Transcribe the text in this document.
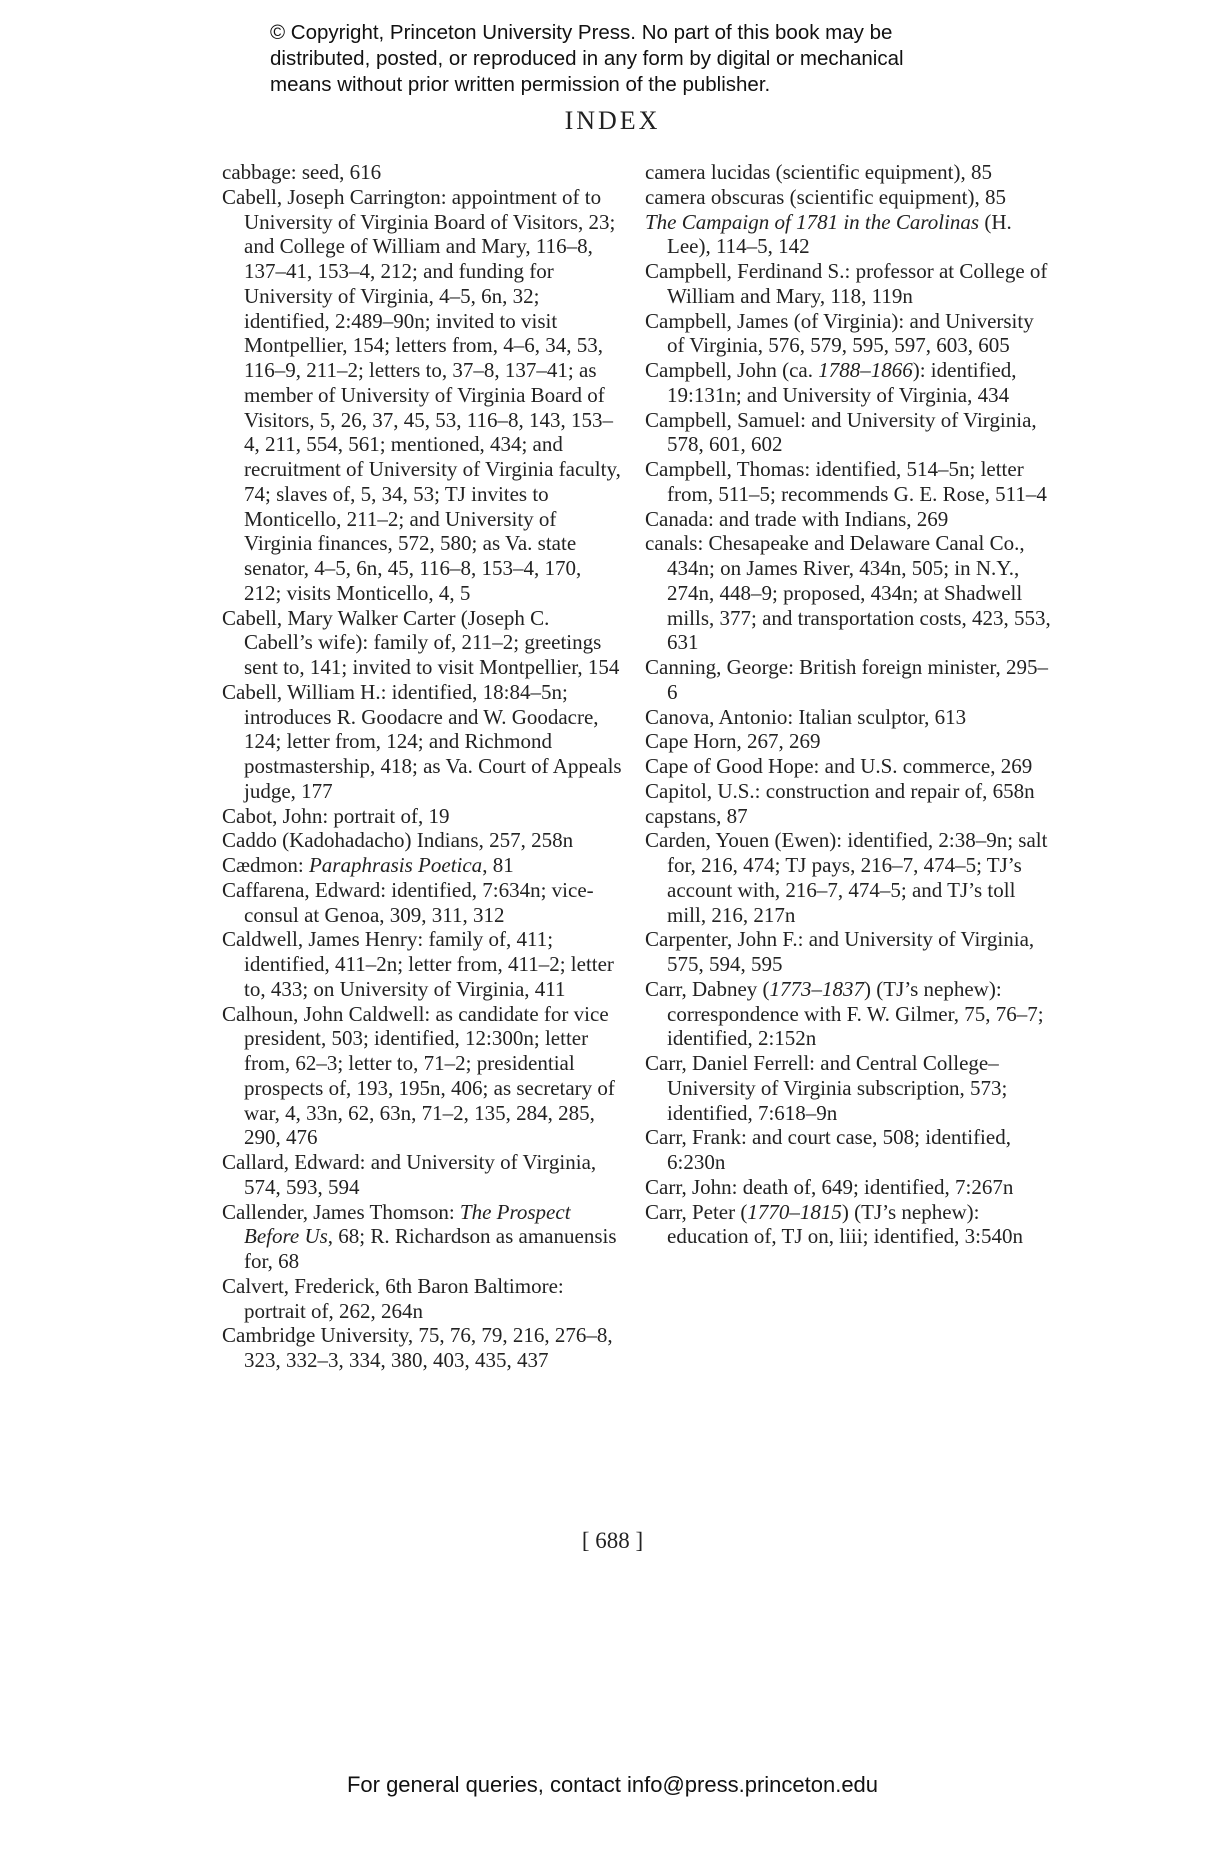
© Copyright, Princeton University Press. No part of this book may be
distributed, posted, or reproduced in any form by digital or mechanical
means without prior written permission of the publisher.
INDEX
cabbage: seed, 616
Cabell, Joseph Carrington: appointment of to University of Virginia Board of Visitors, 23; and College of William and Mary, 116–8, 137–41, 153–4, 212; and funding for University of Virginia, 4–5, 6n, 32; identified, 2:489–90n; invited to visit Montpellier, 154; letters from, 4–6, 34, 53, 116–9, 211–2; letters to, 37–8, 137–41; as member of University of Virginia Board of Visitors, 5, 26, 37, 45, 53, 116–8, 143, 153–4, 211, 554, 561; mentioned, 434; and recruitment of University of Virginia faculty, 74; slaves of, 5, 34, 53; TJ invites to Monticello, 211–2; and University of Virginia finances, 572, 580; as Va. state senator, 4–5, 6n, 45, 116–8, 153–4, 170, 212; visits Monticello, 4, 5
Cabell, Mary Walker Carter (Joseph C. Cabell’s wife): family of, 211–2; greetings sent to, 141; invited to visit Montpellier, 154
Cabell, William H.: identified, 18:84–5n; introduces R. Goodacre and W. Goodacre, 124; letter from, 124; and Richmond postmastership, 418; as Va. Court of Appeals judge, 177
Cabot, John: portrait of, 19
Caddo (Kadohadacho) Indians, 257, 258n
Cædmon: Paraphrasis Poetica, 81
Caffarena, Edward: identified, 7:634n; vice-consul at Genoa, 309, 311, 312
Caldwell, James Henry: family of, 411; identified, 411–2n; letter from, 411–2; letter to, 433; on University of Virginia, 411
Calhoun, John Caldwell: as candidate for vice president, 503; identified, 12:300n; letter from, 62–3; letter to, 71–2; presidential prospects of, 193, 195n, 406; as secretary of war, 4, 33n, 62, 63n, 71–2, 135, 284, 285, 290, 476
Callard, Edward: and University of Virginia, 574, 593, 594
Callender, James Thomson: The Prospect Before Us, 68; R. Richardson as amanuensis for, 68
Calvert, Frederick, 6th Baron Baltimore: portrait of, 262, 264n
Cambridge University, 75, 76, 79, 216, 276–8, 323, 332–3, 334, 380, 403, 435, 437
camera lucidas (scientific equipment), 85
camera obscuras (scientific equipment), 85
The Campaign of 1781 in the Carolinas (H. Lee), 114–5, 142
Campbell, Ferdinand S.: professor at College of William and Mary, 118, 119n
Campbell, James (of Virginia): and University of Virginia, 576, 579, 595, 597, 603, 605
Campbell, John (ca. 1788–1866): identified, 19:131n; and University of Virginia, 434
Campbell, Samuel: and University of Virginia, 578, 601, 602
Campbell, Thomas: identified, 514–5n; letter from, 511–5; recommends G. E. Rose, 511–4
Canada: and trade with Indians, 269
canals: Chesapeake and Delaware Canal Co., 434n; on James River, 434n, 505; in N.Y., 274n, 448–9; proposed, 434n; at Shadwell mills, 377; and transportation costs, 423, 553, 631
Canning, George: British foreign minister, 295–6
Canova, Antonio: Italian sculptor, 613
Cape Horn, 267, 269
Cape of Good Hope: and U.S. commerce, 269
Capitol, U.S.: construction and repair of, 658n
capstans, 87
Carden, Youen (Ewen): identified, 2:38–9n; salt for, 216, 474; TJ pays, 216–7, 474–5; TJ’s account with, 216–7, 474–5; and TJ’s toll mill, 216, 217n
Carpenter, John F.: and University of Virginia, 575, 594, 595
Carr, Dabney (1773–1837) (TJ’s nephew): correspondence with F. W. Gilmer, 75, 76–7; identified, 2:152n
Carr, Daniel Ferrell: and Central College–University of Virginia subscription, 573; identified, 7:618–9n
Carr, Frank: and court case, 508; identified, 6:230n
Carr, John: death of, 649; identified, 7:267n
Carr, Peter (1770–1815) (TJ’s nephew): education of, TJ on, liii; identified, 3:540n
[ 688 ]
For general queries, contact info@press.princeton.edu
